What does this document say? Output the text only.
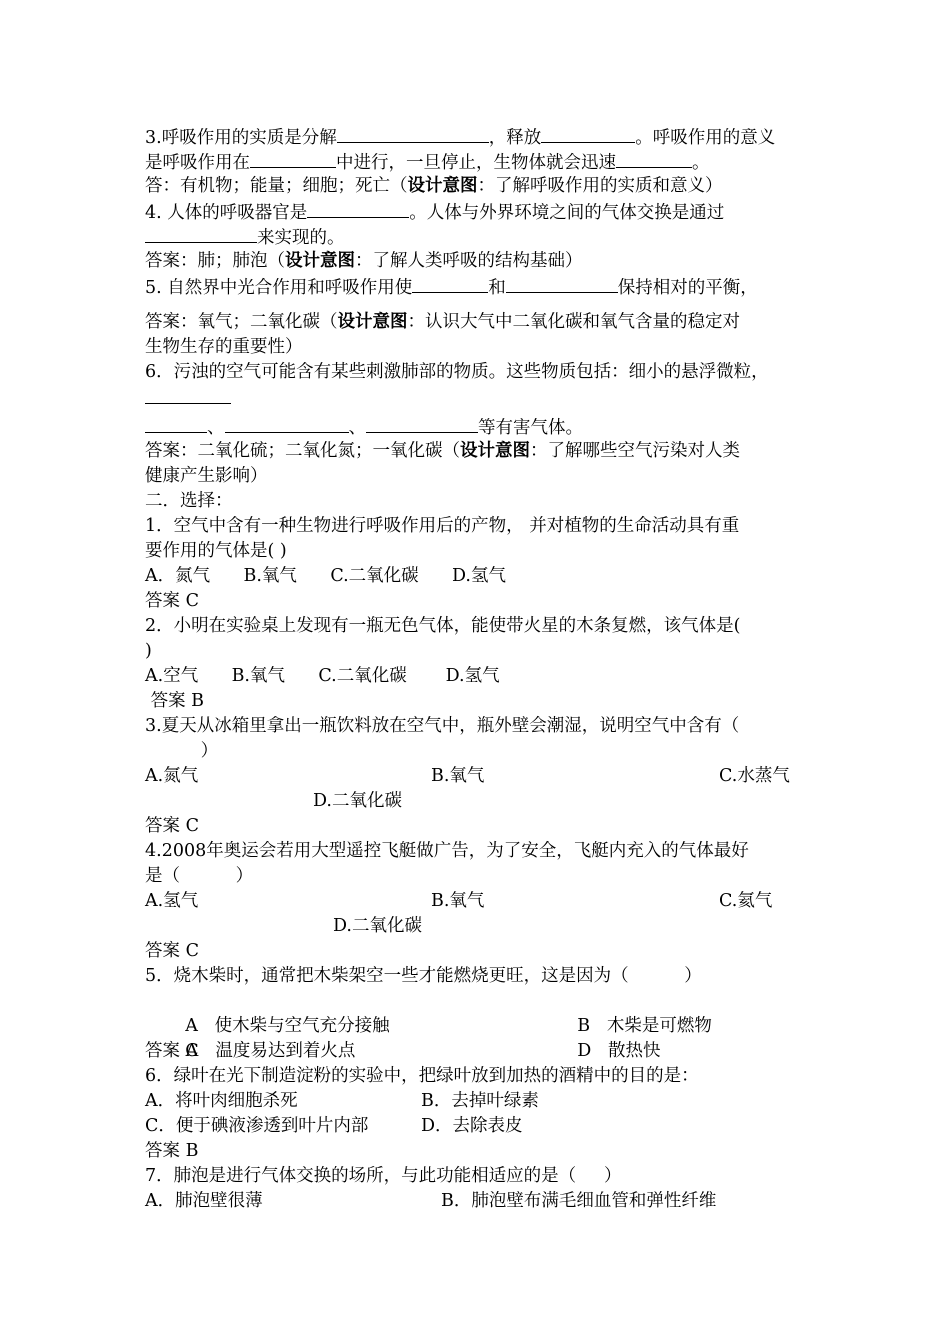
3.呼吸作用的实质是分解	，释放	。呼吸作用的意义
是呼吸作用在	中进行，一旦停止，生物体就会迅速	。
答：有机物；能量；细胞；死亡（设计意图：了解呼吸作用的实质和意义）
4. 人体的呼吸器官是	。人体与外界环境之间的气体交换是通过
来实现的。
答案：肺；肺泡（设计意图：了解人类呼吸的结构基础）
5. 自然界中光合作用和呼吸作用使	和	保持相对的平衡，
答案：氧气；二氧化碳（设计意图：认识大气中二氧化碳和氧气含量的稳定对
生物生存的重要性）
6．污浊的空气可能含有某些刺激肺部的物质。这些物质包括：细小的悬浮微粒，
、	、	等有害气体。
答案：二氧化硫；二氧化氮；一氧化碳（设计意图：了解哪些空气污染对人类
健康产生影响）
二．选择：
1．空气中含有一种生物进行呼吸作用后的产物， 并对植物的生命活动具有重
要作用的气体是( )
A．氮气      B.氧气      C.二氧化碳      D.氢气
答案 C
2．小明在实验桌上发现有一瓶无色气体，能使带火星的木条复燃，该气体是(
)
A.空气      B.氧气      C.二氧化碳       D.氢气
答案 B
3.夏天从冰箱里拿出一瓶饮料放在空气中，瓶外壁会潮湿，说明空气中含有（
）
A.氮气	B.氧气	C.水蒸气
D.二氧化碳
答案 C
4.2008年奥运会若用大型遥控飞艇做广告，为了安全，飞艇内充入的气体最好
是（          ）
A.氢气	B.氧气	C.氦气
D.二氧化碳
答案 C
5．烧木柴时，通常把木柴架空一些才能燃烧更旺，这是因为（          ）

A   使木柴与空气充分接触	B   木柴是可燃物

C   温度易达到着火点	D   散热快

答案 A
6．绿叶在光下制造淀粉的实验中，把绿叶放到加热的酒精中的目的是：
A．将叶肉细胞杀死	B．去掉叶绿素
C．便于碘液渗透到叶片内部	D．去除表皮
答案 B
7．肺泡是进行气体交换的场所，与此功能相适应的是（     ）
A．肺泡壁很薄	B．肺泡壁布满毛细血管和弹性纤维
